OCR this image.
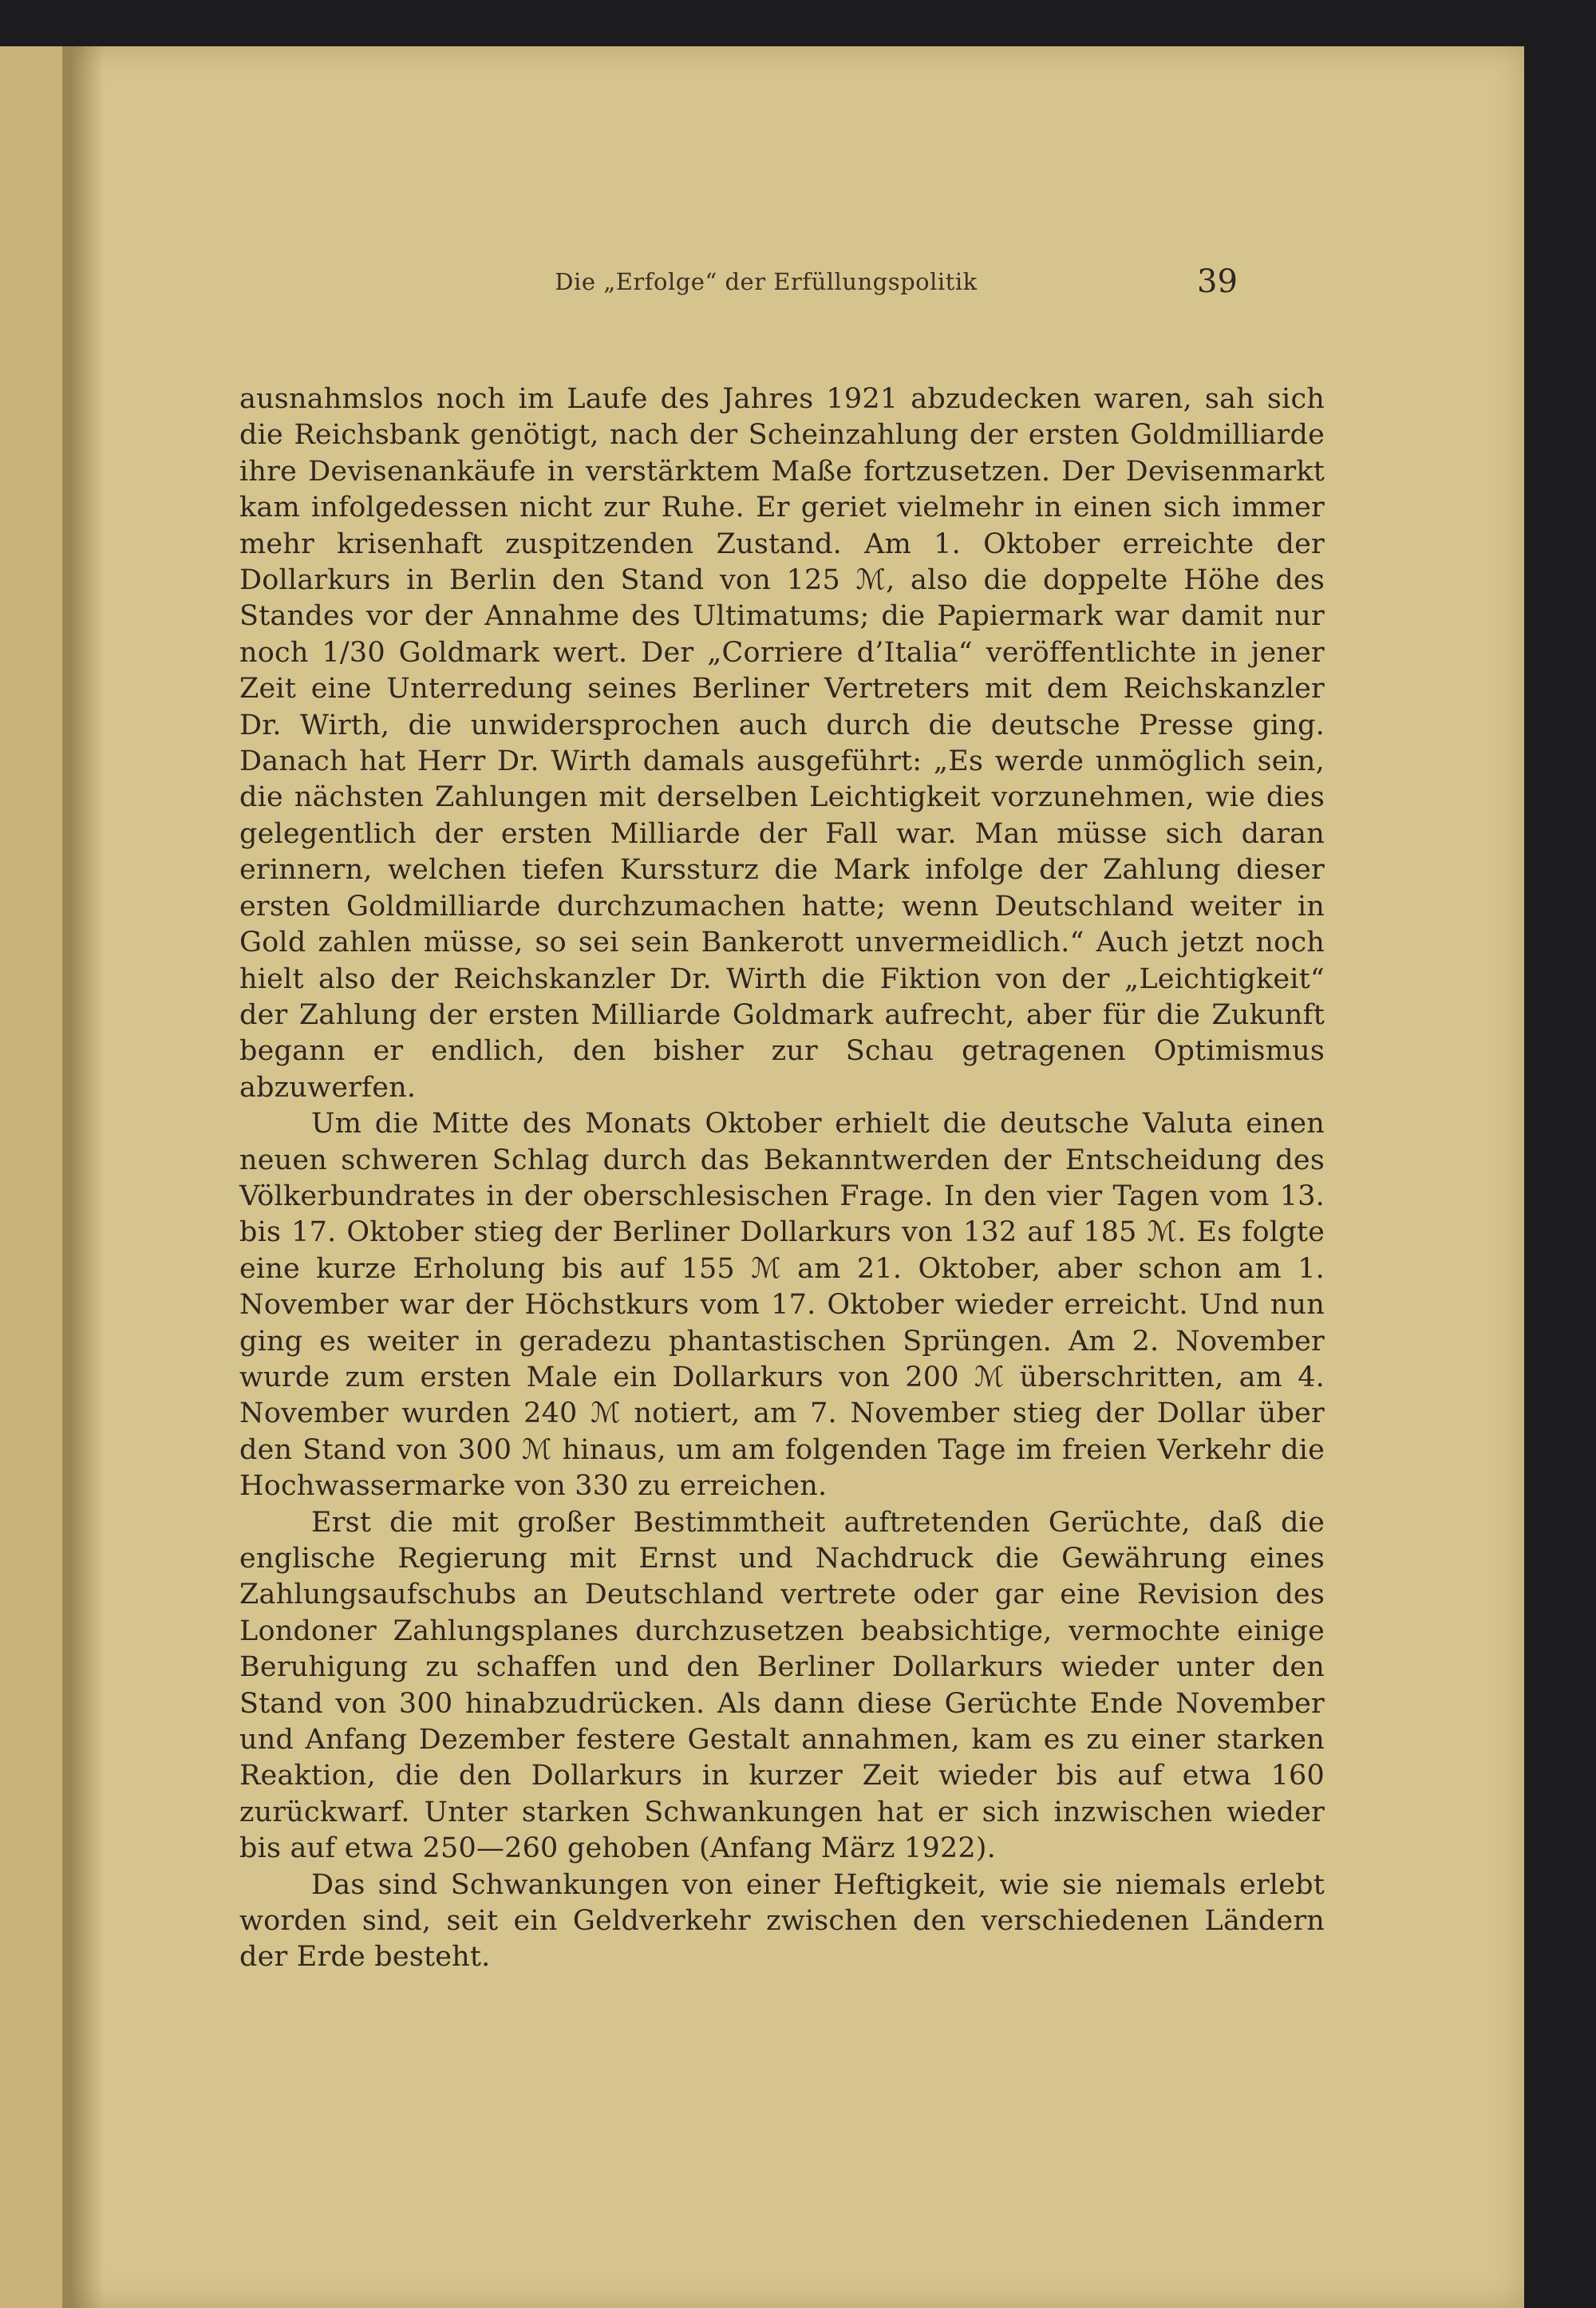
Die „Erfolge“ der Erfüllungspolitik	39

ausnahmslos noch im Laufe des Jahres 1921 abzudecken waren, sah sich die Reichsbank genötigt, nach der Scheinzahlung der ersten Goldmilliarde ihre Devisenankäufe in verstärktem Maße fortzusetzen. Der Devisenmarkt kam infolgedessen nicht zur Ruhe. Er geriet vielmehr in einen sich immer mehr krisenhaft zuspitzenden Zustand. Am 1. Oktober erreichte der Dollarkurs in Berlin den Stand von 125 ℳ, also die doppelte Höhe des Standes vor der Annahme des Ultimatums; die Papiermark war damit nur noch 1/30 Goldmark wert. Der „Corriere d’Italia“ veröffentlichte in jener Zeit eine Unterredung seines Berliner Vertreters mit dem Reichskanzler Dr. Wirth, die unwidersprochen auch durch die deutsche Presse ging. Danach hat Herr Dr. Wirth damals ausgeführt: „Es werde unmöglich sein, die nächsten Zahlungen mit derselben Leichtigkeit vorzunehmen, wie dies gelegentlich der ersten Milliarde der Fall war. Man müsse sich daran erinnern, welchen tiefen Kurssturz die Mark infolge der Zahlung dieser ersten Goldmilliarde durchzumachen hatte; wenn Deutschland weiter in Gold zahlen müsse, so sei sein Bankerott unvermeidlich.“ Auch jetzt noch hielt also der Reichskanzler Dr. Wirth die Fiktion von der „Leichtigkeit“ der Zahlung der ersten Milliarde Goldmark aufrecht, aber für die Zukunft begann er endlich, den bisher zur Schau getragenen Optimismus abzuwerfen.

Um die Mitte des Monats Oktober erhielt die deutsche Valuta einen neuen schweren Schlag durch das Bekanntwerden der Entscheidung des Völkerbundrates in der oberschlesischen Frage. In den vier Tagen vom 13. bis 17. Oktober stieg der Berliner Dollarkurs von 132 auf 185 ℳ. Es folgte eine kurze Erholung bis auf 155 ℳ am 21. Oktober, aber schon am 1. November war der Höchstkurs vom 17. Oktober wieder erreicht. Und nun ging es weiter in geradezu phantastischen Sprüngen. Am 2. November wurde zum ersten Male ein Dollarkurs von 200 ℳ überschritten, am 4. November wurden 240 ℳ notiert, am 7. November stieg der Dollar über den Stand von 300 ℳ hinaus, um am folgenden Tage im freien Verkehr die Hochwassermarke von 330 zu erreichen.

Erst die mit großer Bestimmtheit auftretenden Gerüchte, daß die englische Regierung mit Ernst und Nachdruck die Gewährung eines Zahlungsaufschubs an Deutschland vertrete oder gar eine Revision des Londoner Zahlungsplanes durchzusetzen beabsichtige, vermochte einige Beruhigung zu schaffen und den Berliner Dollarkurs wieder unter den Stand von 300 hinabzudrücken. Als dann diese Gerüchte Ende November und Anfang Dezember festere Gestalt annahmen, kam es zu einer starken Reaktion, die den Dollarkurs in kurzer Zeit wieder bis auf etwa 160 zurückwarf. Unter starken Schwankungen hat er sich inzwischen wieder bis auf etwa 250—260 gehoben (Anfang März 1922).

Das sind Schwankungen von einer Heftigkeit, wie sie niemals erlebt worden sind, seit ein Geldverkehr zwischen den verschiedenen Ländern der Erde besteht.
